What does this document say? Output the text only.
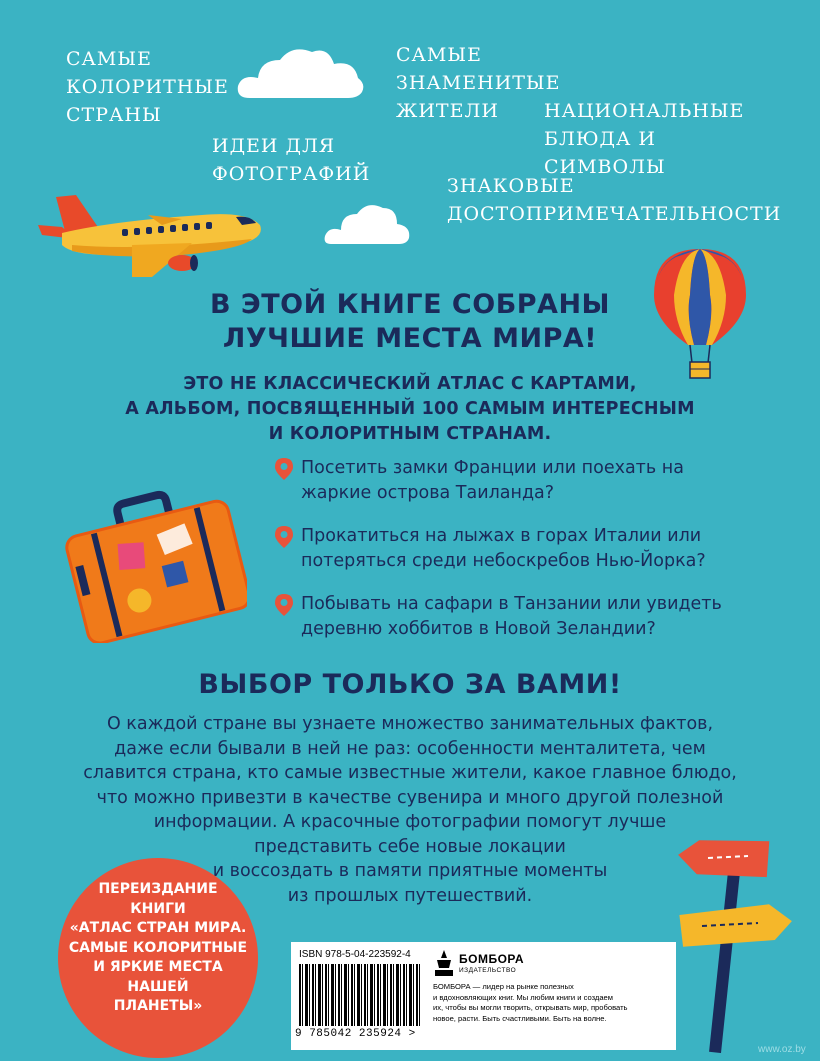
САМЫЕ
КОЛОРИТНЫЕ
СТРАНЫ
САМЫЕ
ЗНАМЕНИТЫЕ
ЖИТЕЛИ	НАЦИОНАЛЬНЫЕ
БЛЮДА И СИМВОЛЫ
ИДЕИ ДЛЯ
ФОТОГРАФИЙ
ЗНАКОВЫЕ
ДОСТОПРИМЕЧАТЕЛЬНОСТИ
В ЭТОЙ КНИГЕ СОБРАНЫ
ЛУЧШИЕ МЕСТА МИРА!
ЭТО НЕ КЛАССИЧЕСКИЙ АТЛАС С КАРТАМИ,
А АЛЬБОМ, ПОСВЯЩЕННЫЙ 100 САМЫМ ИНТЕРЕСНЫМ
И КОЛОРИТНЫМ СТРАНАМ.
Посетить замки Франции или поехать на
жаркие острова Таиланда?
Прокатиться на лыжах в горах Италии или
потеряться среди небоскребов Нью-Йорка?
Побывать на сафари в Танзании или увидеть
деревню хоббитов в Новой Зеландии?
ВЫБОР ТОЛЬКО ЗА ВАМИ!
О каждой стране вы узнаете множество занимательных фактов,
даже если бывали в ней не раз: особенности менталитета, чем
славится страна, кто самые известные жители, какое главное блюдо,
что можно привезти в качестве сувенира и много другой полезной
информации. А красочные фотографии помогут лучше
представить себе новые локации
и воссоздать в памяти приятные моменты
из прошлых путешествий.
ПЕРЕИЗДАНИЕ
КНИГИ
«АТЛАС СТРАН МИРА.
САМЫЕ КОЛОРИТНЫЕ
И ЯРКИЕ МЕСТА
НАШЕЙ
ПЛАНЕТЫ»
ISBN 978-5-04-223592-4
9 785042 235924 >
БОМБОРА
ИЗДАТЕЛЬСТВО
БОМБОРА — лидер на рынке полезных
и вдохновляющих книг. Мы любим книги и создаем
их, чтобы вы могли творить, открывать мир, пробовать
новое, расти. Быть счастливыми. Быть на волне.
www.oz.by
